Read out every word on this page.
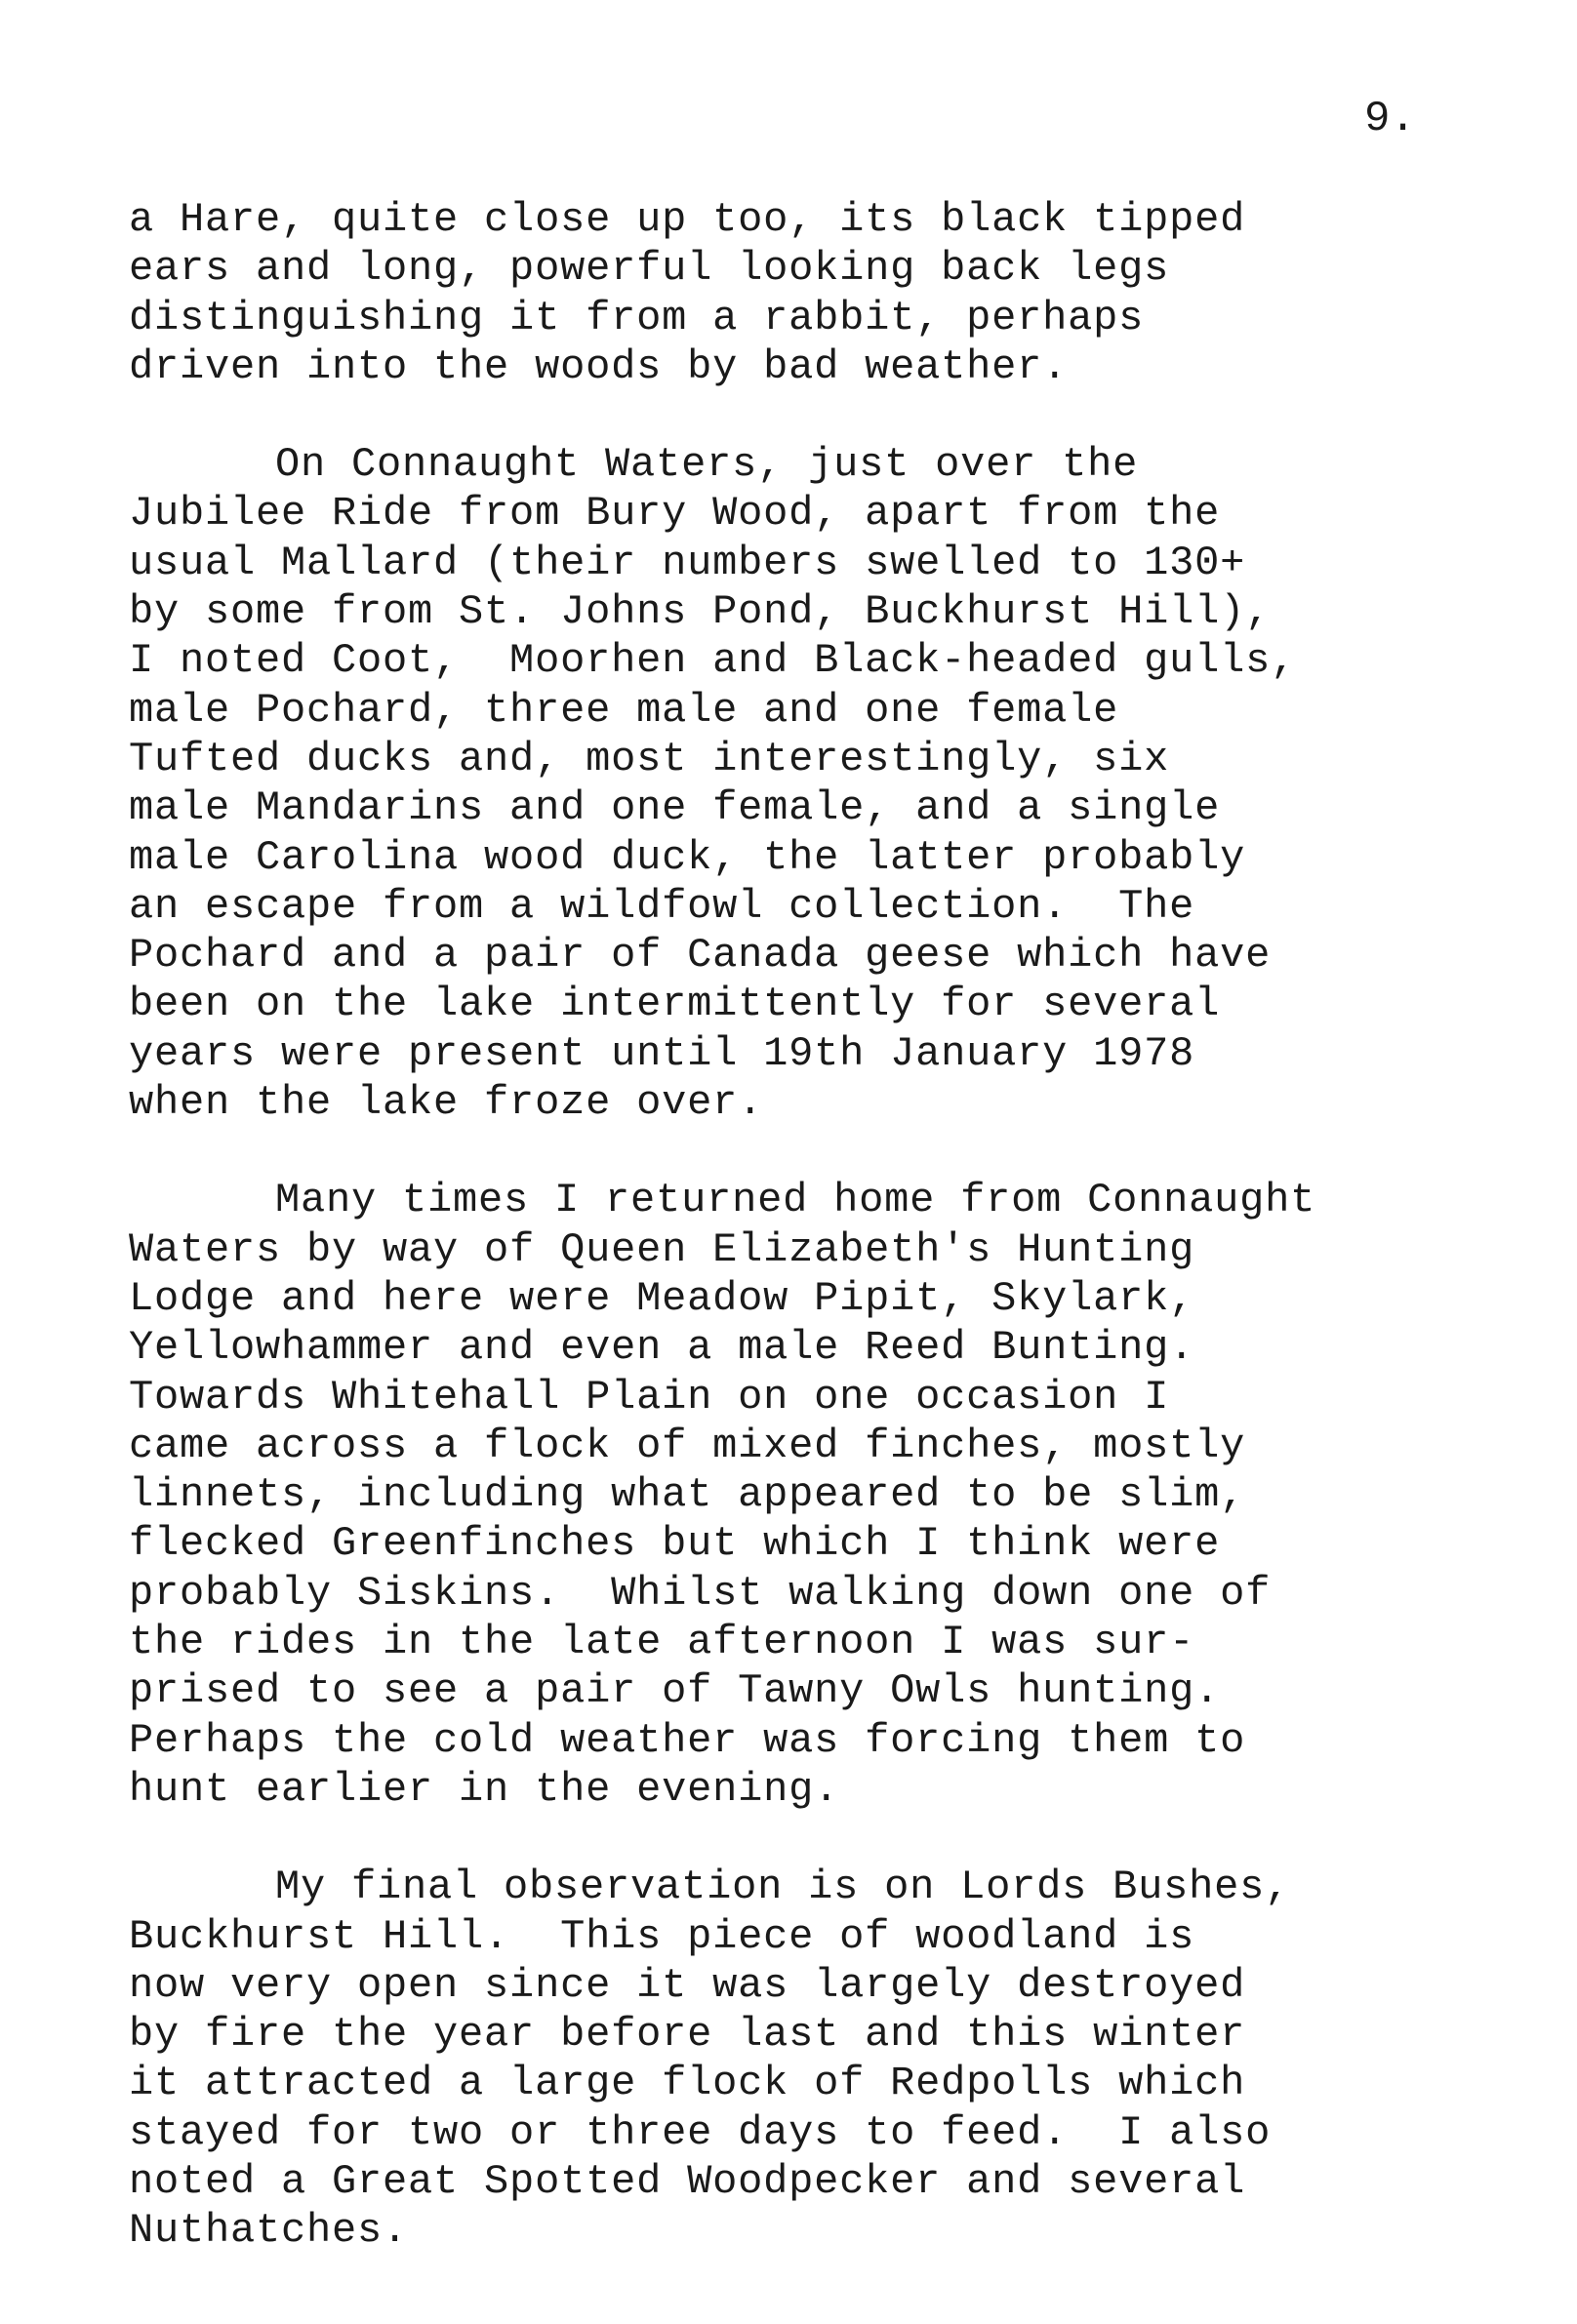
9.
a Hare, quite close up too, its black tipped
ears and long, powerful looking back legs
distinguishing it from a rabbit, perhaps
driven into the woods by bad weather.
On Connaught Waters, just over the
Jubilee Ride from Bury Wood, apart from the
usual Mallard (their numbers swelled to 130+
by some from St. Johns Pond, Buckhurst Hill),
I noted Coot,  Moorhen and Black-headed gulls,
male Pochard, three male and one female
Tufted ducks and, most interestingly, six
male Mandarins and one female, and a single
male Carolina wood duck, the latter probably
an escape from a wildfowl collection.  The
Pochard and a pair of Canada geese which have
been on the lake intermittently for several
years were present until 19th January 1978
when the lake froze over.
Many times I returned home from Connaught
Waters by way of Queen Elizabeth's Hunting
Lodge and here were Meadow Pipit, Skylark,
Yellowhammer and even a male Reed Bunting.
Towards Whitehall Plain on one occasion I
came across a flock of mixed finches, mostly
linnets, including what appeared to be slim,
flecked Greenfinches but which I think were
probably Siskins.  Whilst walking down one of
the rides in the late afternoon I was sur-
prised to see a pair of Tawny Owls hunting.
Perhaps the cold weather was forcing them to
hunt earlier in the evening.
My final observation is on Lords Bushes,
Buckhurst Hill.  This piece of woodland is
now very open since it was largely destroyed
by fire the year before last and this winter
it attracted a large flock of Redpolls which
stayed for two or three days to feed.  I also
noted a Great Spotted Woodpecker and several
Nuthatches.
